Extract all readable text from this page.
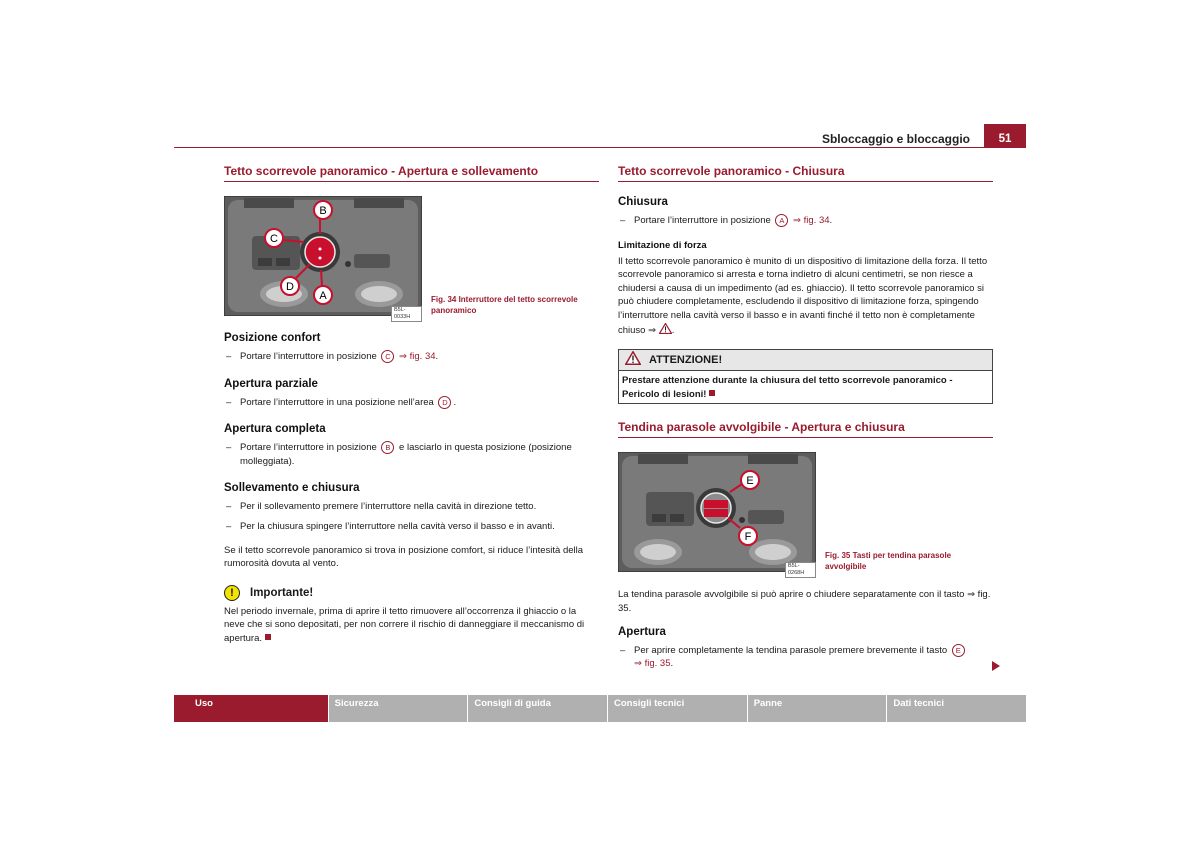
Sbloccaggio e bloccaggio	51
Tetto scorrevole panoramico - Apertura e sollevamento
B
C
D
A
B5L-0033H
Fig. 34 Interruttore del tetto scorrevole panoramico
Posizione confort
– Portare l’interruttore in posizione C ⇒ fig. 34.
Apertura parziale
– Portare l’interruttore in una posizione nell’area D .
Apertura completa
– Portare l’interruttore in posizione B e lasciarlo in questa posizione (posizione molleggiata).
Sollevamento e chiusura
– Per il sollevamento premere l’interruttore nella cavità in direzione tetto.
– Per la chiusura spingere l’interruttore nella cavità verso il basso e in avanti.
Se il tetto scorrevole panoramico si trova in posizione comfort, si riduce l’intesità della rumorosità dovuta al vento.
!	Importante!
Nel periodo invernale, prima di aprire il tetto rimuovere all’occorrenza il ghiaccio o la neve che si sono depositati, per non correre il rischio di danneggiare il meccanismo di apertura.
Tetto scorrevole panoramico - Chiusura
Chiusura
– Portare l’interruttore in posizione A ⇒ fig. 34.
Limitazione di forza
Il tetto scorrevole panoramico è munito di un dispositivo di limitazione della forza. Il tetto scorrevole panoramico si arresta e torna indietro di alcuni centimetri, se non riesce a chiudersi a causa di un impedimento (ad es. ghiaccio). Il tetto scorrevole panoramico si può chiudere completamente, escludendo il dispositivo di limitazione forza, spingendo l’interruttore nella cavità verso il basso e in avanti finché il tetto non è completamente chiuso ⇒ .
ATTENZIONE!
Prestare attenzione durante la chiusura del tetto scorrevole panoramico - Pericolo di lesioni!
Tendina parasole avvolgibile - Apertura e chiusura
E
F
B5L-0268H
Fig. 35 Tasti per tendina parasole avvolgibile
La tendina parasole avvolgibile si può aprire o chiudere separatamente con il tasto ⇒ fig. 35.
Apertura
– Per aprire completamente la tendina parasole premere brevemente il tasto E
⇒ fig. 35.
Uso	Sicurezza	Consigli di guida	Consigli tecnici	Panne	Dati tecnici
